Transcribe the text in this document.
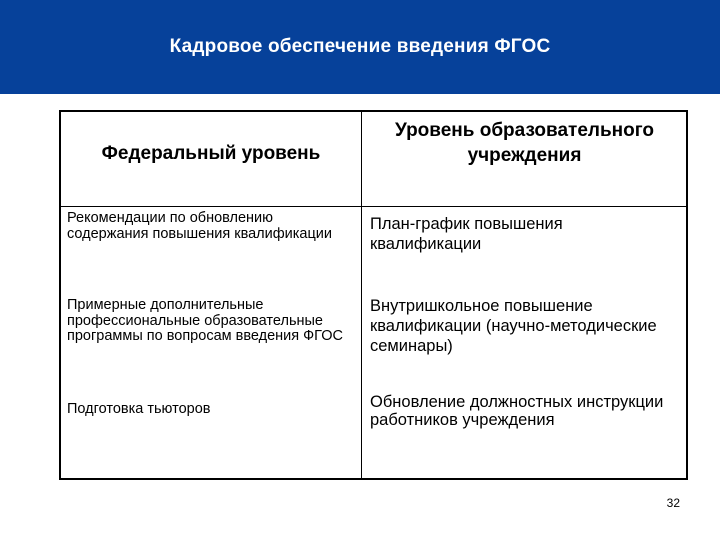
Кадровое обеспечение введения ФГОС
Федеральный уровень
Уровень образовательного учреждения
Рекомендации по обновлению содержания повышения квалификации
План-график повышения квалификации
Примерные дополнительные профессиональные образовательные программы по вопросам введения ФГОС
Внутришкольное повышение квалификации (научно-методические семинары)
Подготовка тьюторов	Обновление должностных инструкции работников учреждения
32
